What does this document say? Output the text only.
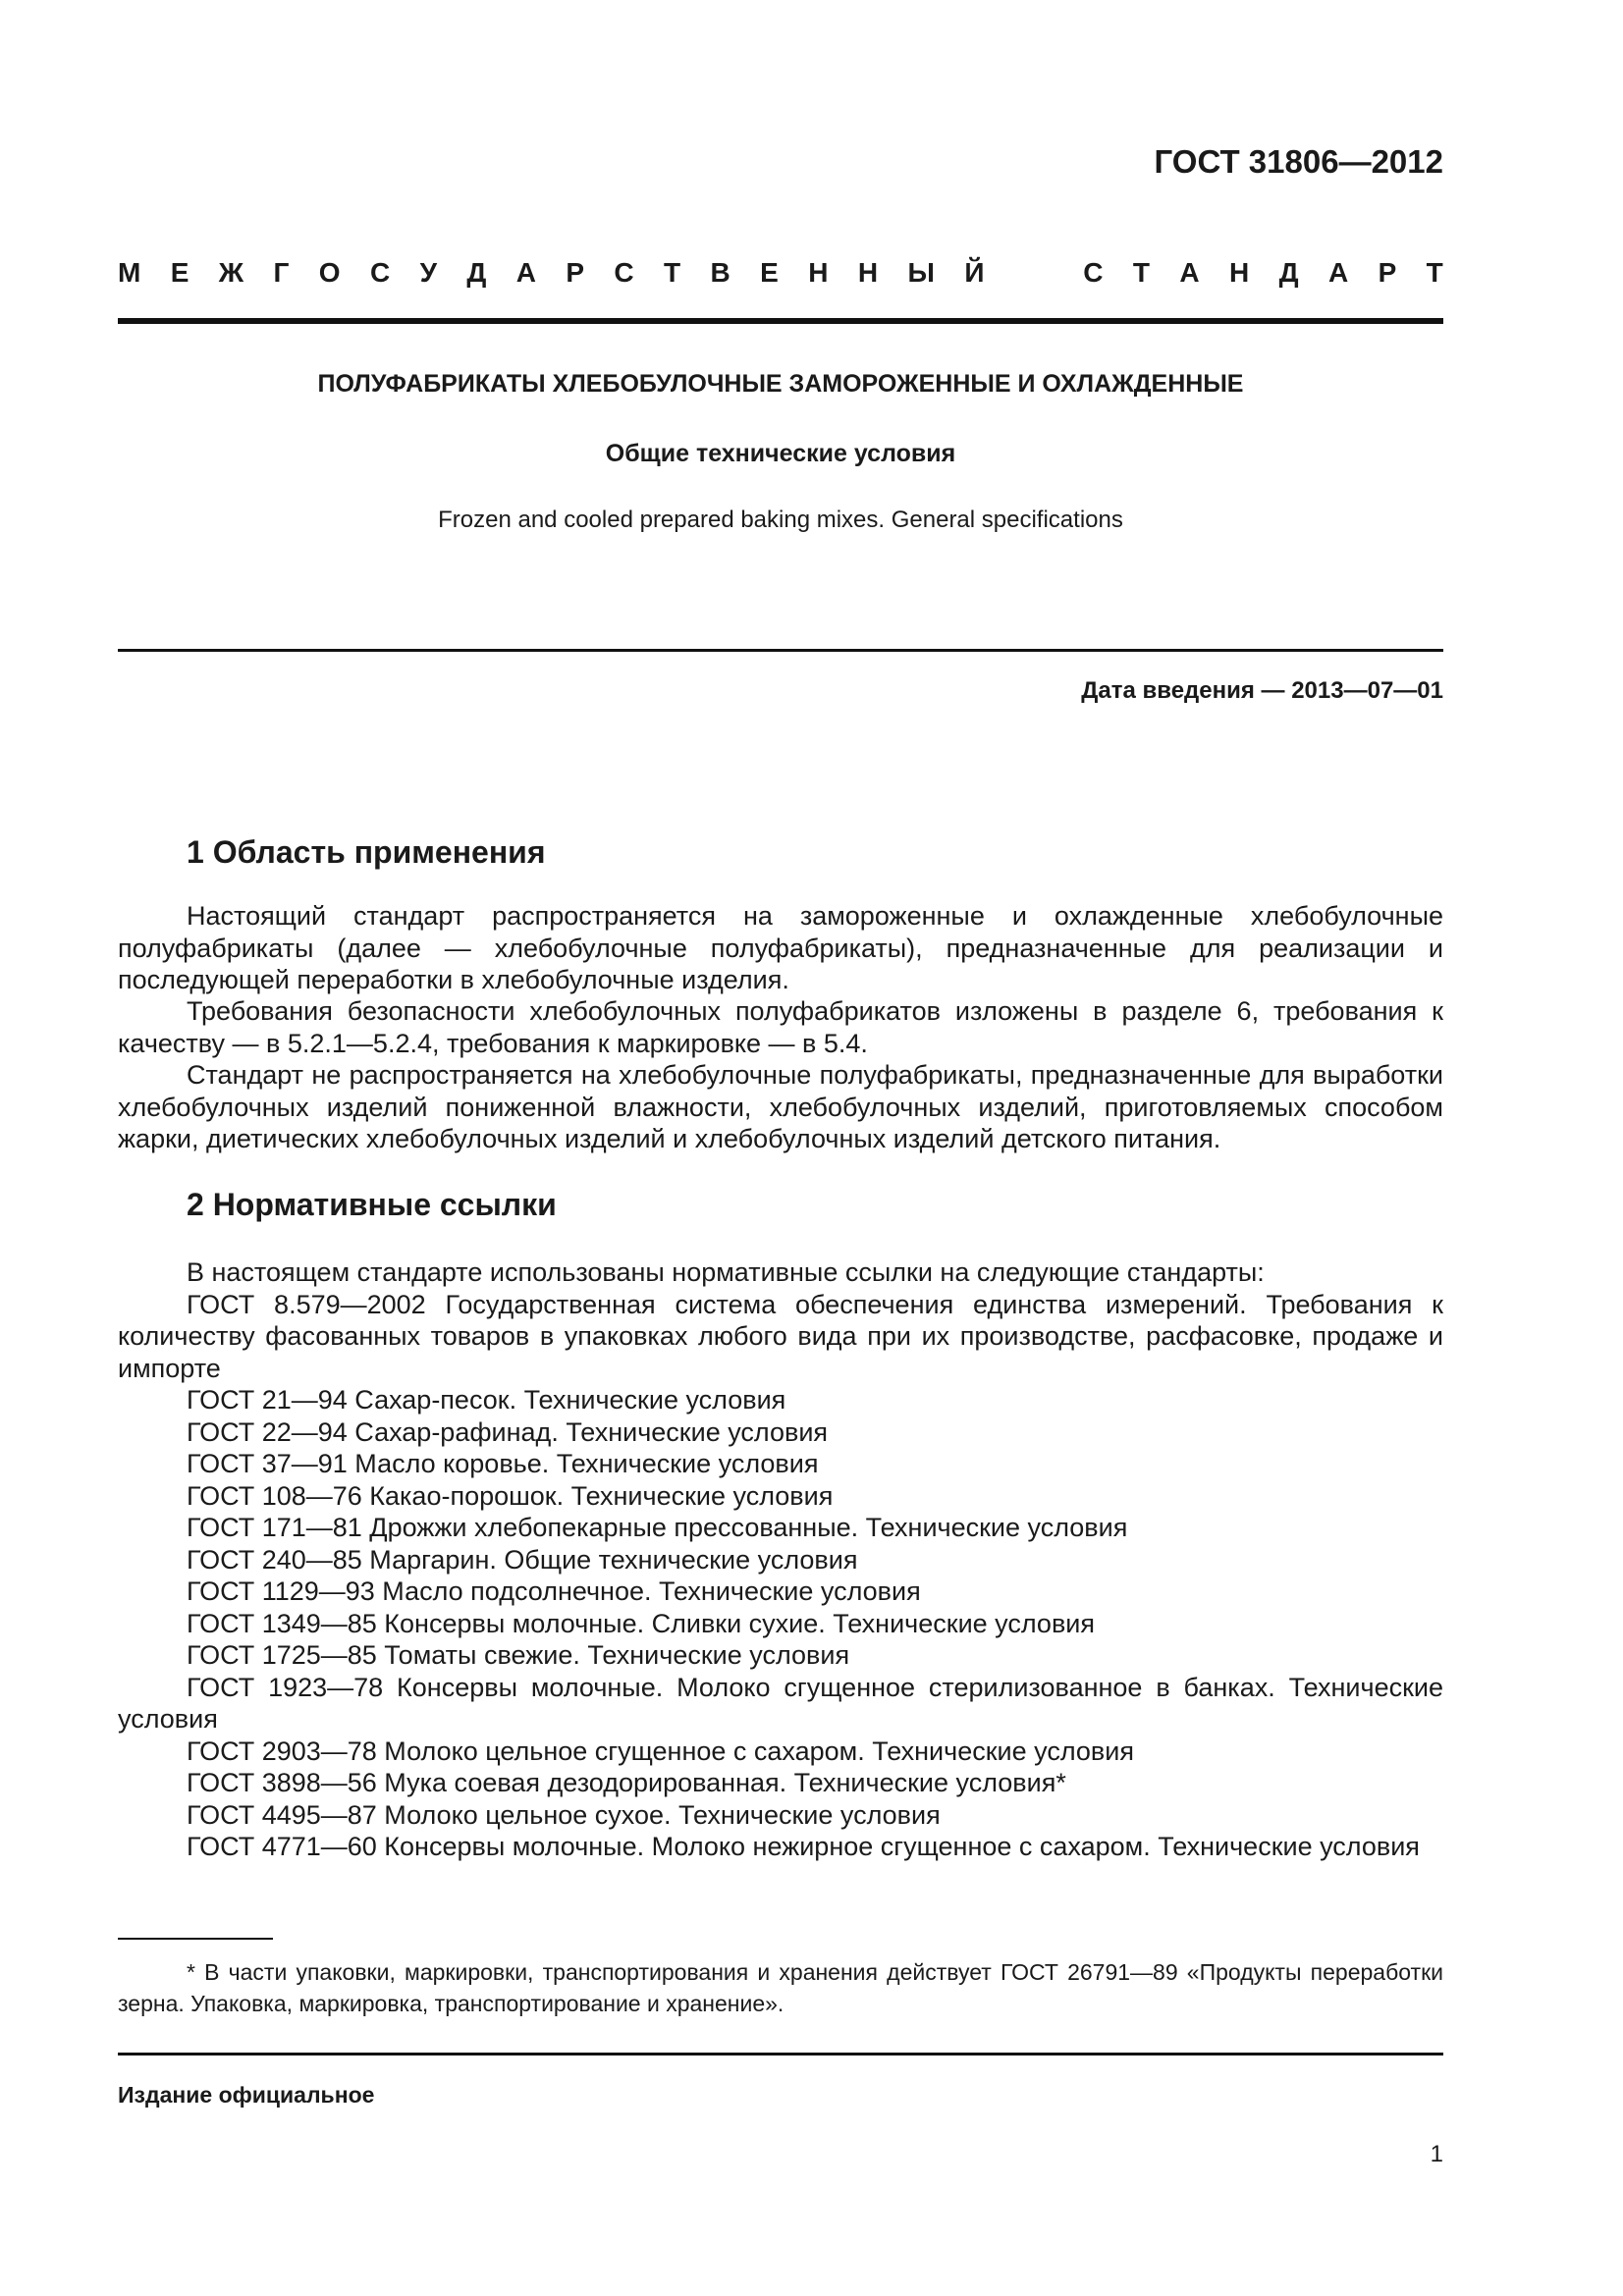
ГОСТ 31806—2012
М Е Ж Г О С У Д А Р С Т В Е Н Н Ы Й	С Т А Н Д А Р Т
ПОЛУФАБРИКАТЫ ХЛЕБОБУЛОЧНЫЕ ЗАМОРОЖЕННЫЕ И ОХЛАЖДЕННЫЕ
Общие технические условия
Frozen and cooled prepared baking mixes. General specifications
Дата введения — 2013—07—01
1 Область применения
Настоящий стандарт распространяется на замороженные и охлажденные хлебобулочные полуфабрикаты (далее — хлебобулочные полуфабрикаты), предназначенные для реализации и последующей переработки в хлебобулочные изделия.
Требования безопасности хлебобулочных полуфабрикатов изложены в разделе 6, требования к качеству — в 5.2.1—5.2.4, требования к маркировке — в 5.4.
Стандарт не распространяется на хлебобулочные полуфабрикаты, предназначенные для выработки хлебобулочных изделий пониженной влажности, хлебобулочных изделий, приготовляемых способом жарки, диетических хлебобулочных изделий и хлебобулочных изделий детского питания.
2 Нормативные ссылки
В настоящем стандарте использованы нормативные ссылки на следующие стандарты:
ГОСТ 8.579—2002 Государственная система обеспечения единства измерений. Требования к количеству фасованных товаров в упаковках любого вида при их производстве, расфасовке, продаже и импорте
ГОСТ 21—94 Сахар-песок. Технические условия
ГОСТ 22—94 Сахар-рафинад. Технические условия
ГОСТ 37—91 Масло коровье. Технические условия
ГОСТ 108—76 Какао-порошок. Технические условия
ГОСТ 171—81 Дрожжи хлебопекарные прессованные. Технические условия
ГОСТ 240—85 Маргарин. Общие технические условия
ГОСТ 1129—93 Масло подсолнечное. Технические условия
ГОСТ 1349—85 Консервы молочные. Сливки сухие. Технические условия
ГОСТ 1725—85 Томаты свежие. Технические условия
ГОСТ 1923—78 Консервы молочные. Молоко сгущенное стерилизованное в банках. Технические условия
ГОСТ 2903—78 Молоко цельное сгущенное с сахаром. Технические условия
ГОСТ 3898—56 Мука соевая дезодорированная. Технические условия*
ГОСТ 4495—87 Молоко цельное сухое. Технические условия
ГОСТ 4771—60 Консервы молочные. Молоко нежирное сгущенное с сахаром. Технические условия
* В части упаковки, маркировки, транспортирования и хранения действует ГОСТ 26791—89 «Продукты переработки зерна. Упаковка, маркировка, транспортирование и хранение».
Издание официальное
1
